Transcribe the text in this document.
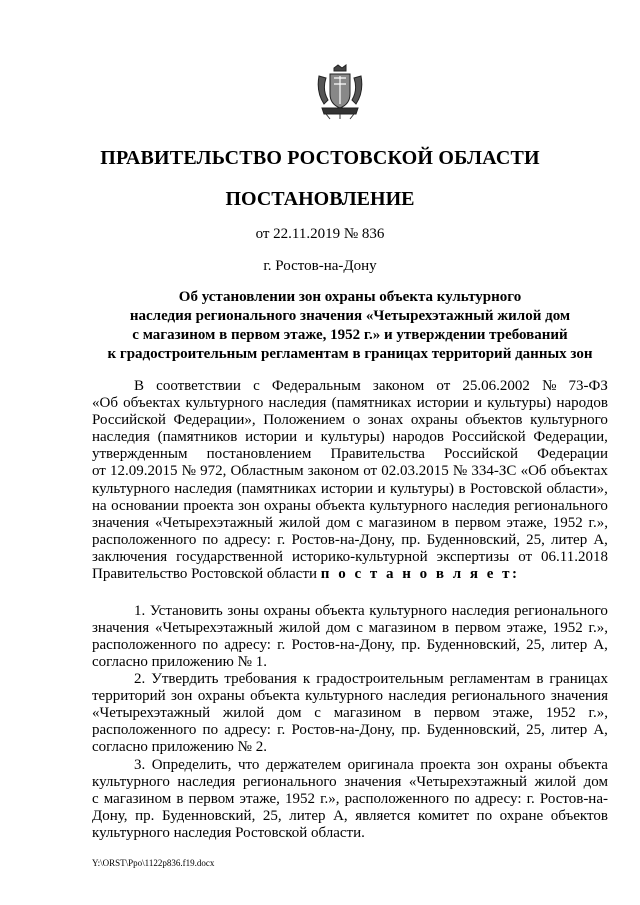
ПРАВИТЕЛЬСТВО РОСТОВСКОЙ ОБЛАСТИ
ПОСТАНОВЛЕНИЕ
от 22.11.2019 № 836
г. Ростов-на-Дону
Об установлении зон охраны объекта культурного
наследия регионального значения «Четырехэтажный жилой дом
с магазином в первом этаже, 1952 г.» и утверждении требований
к градостроительным регламентам в границах территорий данных зон
В соответствии с Федеральным законом от 25.06.2002 № 73-ФЗ
«Об объектах культурного наследия (памятниках истории и культуры) народов
Российской Федерации», Положением о зонах охраны объектов культурного
наследия (памятников истории и культуры) народов Российской Федерации,
утвержденным постановлением Правительства Российской Федерации
от 12.09.2015 № 972, Областным законом от 02.03.2015 № 334-ЗС «Об объектах
культурного наследия (памятниках истории и культуры) в Ростовской области»,
на основании проекта зон охраны объекта культурного наследия регионального
значения «Четырехэтажный жилой дом с магазином в первом этаже, 1952 г.»,
расположенного по адресу: г. Ростов-на-Дону, пр. Буденновский, 25, литер А,
заключения государственной историко-культурной экспертизы от 06.11.2018
Правительство Ростовской области
п о с т а н о в л я е т:
1. Установить зоны охраны объекта культурного наследия регионального
значения «Четырехэтажный жилой дом с магазином в первом этаже, 1952 г.»,
расположенного по адресу: г. Ростов-на-Дону, пр. Буденновский, 25, литер А,
согласно приложению № 1.
2. Утвердить требования к градостроительным регламентам в границах
территорий зон охраны объекта культурного наследия регионального значения
«Четырехэтажный жилой дом с магазином в первом этаже, 1952 г.»,
расположенного по адресу: г. Ростов-на-Дону, пр. Буденновский, 25, литер А,
согласно приложению № 2.
3. Определить, что держателем оригинала проекта зон охраны объекта
культурного наследия регионального значения «Четырехэтажный жилой дом
с магазином в первом этаже, 1952 г.», расположенного по адресу: г. Ростов-на-
Дону, пр. Буденновский, 25, литер А, является комитет по охране объектов
культурного наследия Ростовской области.
Y:\ORST\Ppo\1122p836.f19.docx
